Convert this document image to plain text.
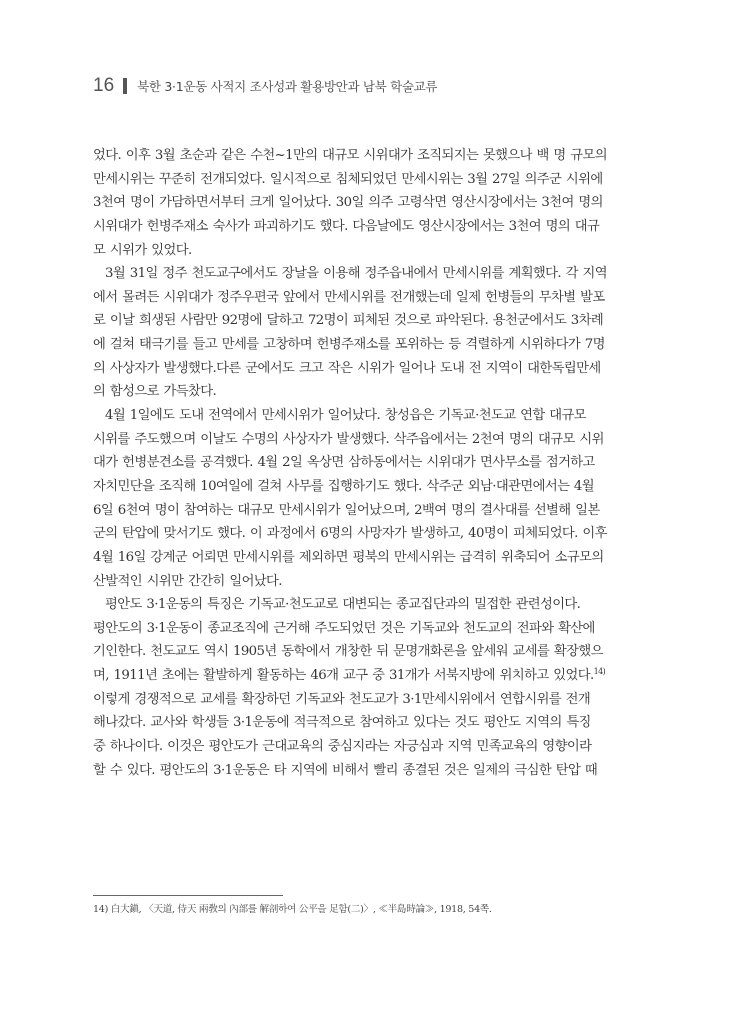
16 북한 3·1운동 사적지 조사성과 활용방안과 남북 학술교류
었다. 이후 3월 초순과 같은 수천~1만의 대규모 시위대가 조직되지는 못했으나 백 명 규모의
만세시위는 꾸준히 전개되었다. 일시적으로 침체되었던 만세시위는 3월 27일 의주군 시위에
3천여 명이 가담하면서부터 크게 일어났다. 30일 의주 고령삭면 영산시장에서는 3천여 명의
시위대가 헌병주재소 숙사가 파괴하기도 했다. 다음날에도 영산시장에서는 3천여 명의 대규
모 시위가 있었다.
3월 31일 정주 천도교구에서도 장날을 이용해 정주읍내에서 만세시위를 계획했다. 각 지역
에서 몰려든 시위대가 정주우편국 앞에서 만세시위를 전개했는데 일제 헌병들의 무차별 발포
로 이날 희생된 사람만 92명에 달하고 72명이 피체된 것으로 파악된다. 용천군에서도 3차례
에 걸쳐 태극기를 들고 만세를 고창하며 헌병주재소를 포위하는 등 격렬하게 시위하다가 7명
의 사상자가 발생했다.다른 군에서도 크고 작은 시위가 일어나 도내 전 지역이 대한독립만세
의 함성으로 가득찼다.
4월 1일에도 도내 전역에서 만세시위가 일어났다. 창성읍은 기독교·천도교 연합 대규모
시위를 주도했으며 이날도 수명의 사상자가 발생했다. 삭주읍에서는 2천여 명의 대규모 시위
대가 헌병분견소를 공격했다. 4월 2일 옥상면 삼하동에서는 시위대가 면사무소를 점거하고
자치민단을 조직해 10여일에 걸쳐 사무를 집행하기도 했다. 삭주군 외남·대관면에서는 4월
6일 6천여 명이 참여하는 대규모 만세시위가 일어났으며, 2백여 명의 결사대를 선별해 일본
군의 탄압에 맞서기도 했다. 이 과정에서 6명의 사망자가 발생하고, 40명이 피체되었다. 이후
4월 16일 강계군 어뢰면 만세시위를 제외하면 평북의 만세시위는 급격히 위축되어 소규모의
산발적인 시위만 간간히 일어났다.
평안도 3·1운동의 특징은 기독교·천도교로 대변되는 종교집단과의 밀접한 관련성이다.
평안도의 3·1운동이 종교조직에 근거해 주도되었던 것은 기독교와 천도교의 전파와 확산에
기인한다. 천도교도 역시 1905년 동학에서 개창한 뒤 문명개화론을 앞세워 교세를 확장했으
며, 1911년 초에는 활발하게 활동하는 46개 교구 중 31개가 서북지방에 위치하고 있었다.$^{14)}$
이렇게 경쟁적으로 교세를 확장하던 기독교와 천도교가 3·1만세시위에서 연합시위를 전개
해나갔다. 교사와 학생들 3·1운동에 적극적으로 참여하고 있다는 것도 평안도 지역의 특징
중 하나이다. 이것은 평안도가 근대교육의 중심지라는 자긍심과 지역 민족교육의 영향이라
할 수 있다. 평안도의 3·1운동은 타 지역에 비해서 빨리 종결된 것은 일제의 극심한 탄압 때
14) 白大鎭, 〈天道, 侍天 兩敎의 內部를 解剖하여 公平을 足함(二)〉, ≪半島時論≫, 1918, 54쪽.
